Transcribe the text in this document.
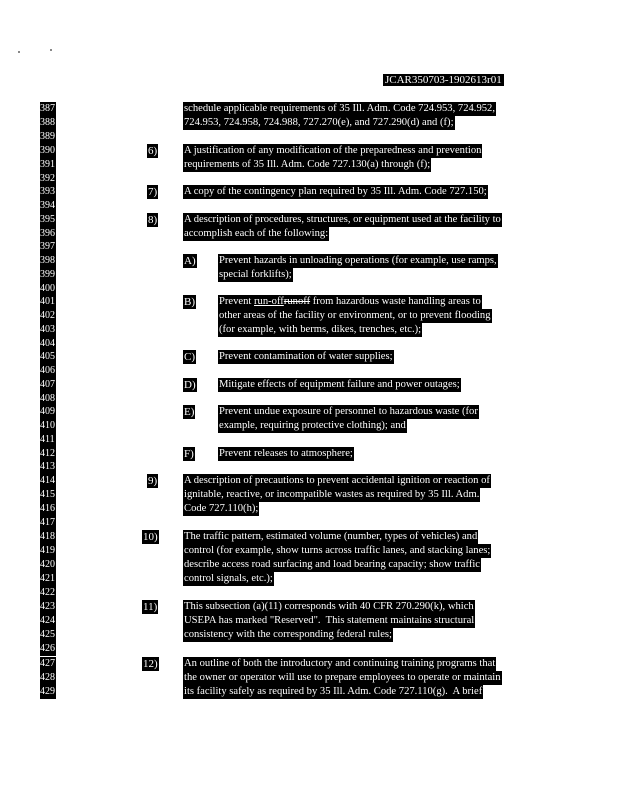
JCAR350703-1902613r01
387
388
389
390
391
392
393
394
395
396
397
398
399
400
401
402
403
404
405
406
407
408
409
410
411
412
413
414
415
416
417
418
419
420
421
422
423
424
425
426
427
428
429
schedule applicable requirements of 35 Ill. Adm. Code 724.953, 724.952,
724.953, 724.958, 724.988, 727.270(e), and 727.290(d) and (f);
6)	A justification of any modification of the preparedness and prevention
requirements of 35 Ill. Adm. Code 727.130(a) through (f);
7)	A copy of the contingency plan required by 35 Ill. Adm. Code 727.150;
8)	A description of procedures, structures, or equipment used at the facility to
accomplish each of the following:
A) Prevent hazards in unloading operations (for example, use ramps,
special forklifts);
B) Prevent run-offrunoff from hazardous waste handling areas to
other areas of the facility or environment, or to prevent flooding
(for example, with berms, dikes, trenches, etc.);
C) Prevent contamination of water supplies;
D) Mitigate effects of equipment failure and power outages;
E) Prevent undue exposure of personnel to hazardous waste (for
example, requiring protective clothing); and
F) Prevent releases to atmosphere;
9)	A description of precautions to prevent accidental ignition or reaction of
ignitable, reactive, or incompatible wastes as required by 35 Ill. Adm.
Code 727.110(h);
10) The traffic pattern, estimated volume (number, types of vehicles) and
control (for example, show turns across traffic lanes, and stacking lanes;
describe access road surfacing and load bearing capacity; show traffic
control signals, etc.);
11)	This subsection (a)(11) corresponds with 40 CFR 270.290(k), which
USEPA has marked "Reserved".  This statement maintains structural
consistency with the corresponding federal rules;
12) An outline of both the introductory and continuing training programs that
the owner or operator will use to prepare employees to operate or maintain
its facility safely as required by 35 Ill. Adm. Code 727.110(g).  A brief
